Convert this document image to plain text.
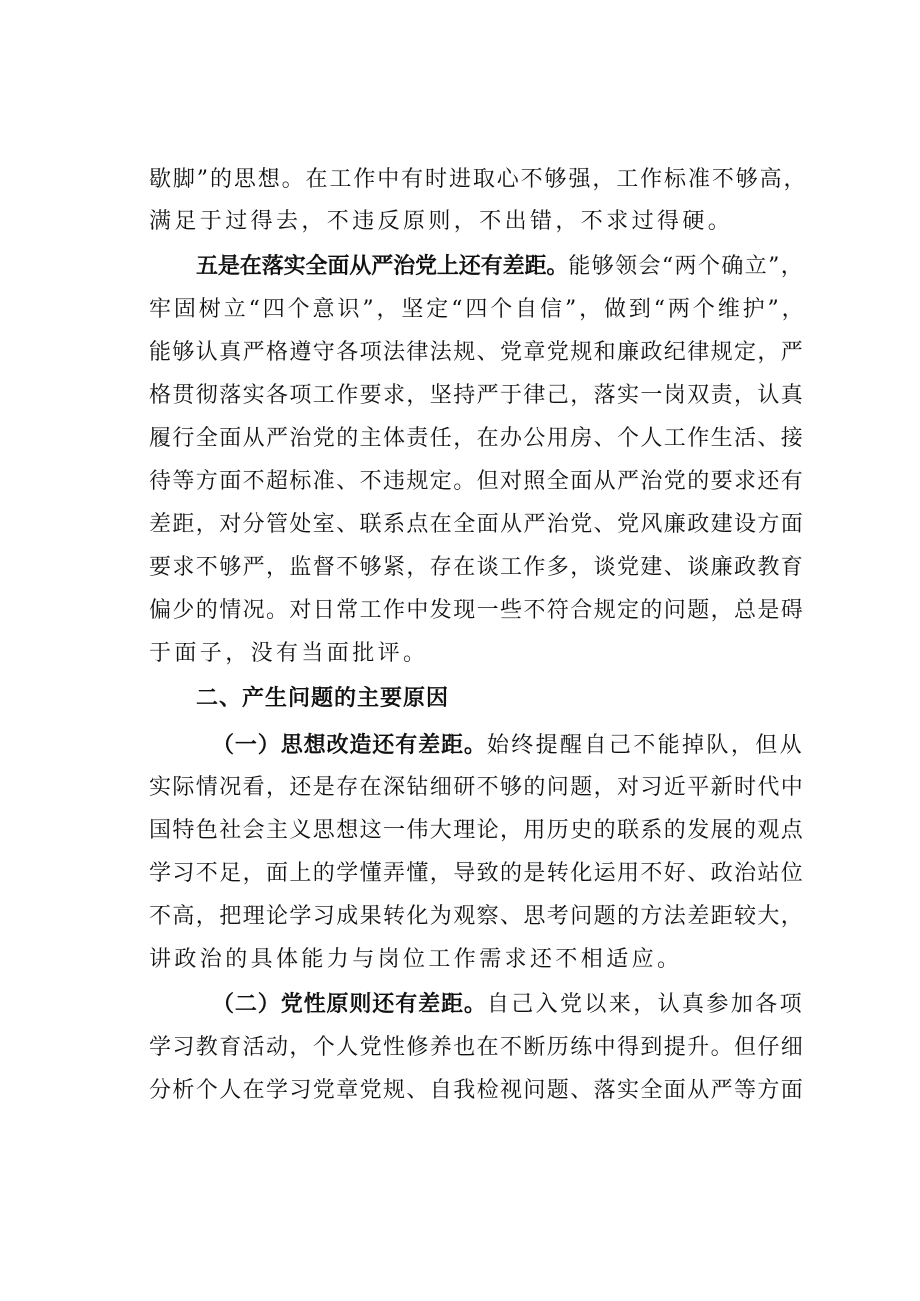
歇脚”的思想。在工作中有时进取心不够强，工作标准不够高，
满足于过得去，不违反原则，不出错，不求过得硬。
五是在落实全面从严治党上还有差距。能够领会“两个确立”，
牢固树立“四个意识”，坚定“四个自信”，做到“两个维护”，
能够认真严格遵守各项法律法规、党章党规和廉政纪律规定，严
格贯彻落实各项工作要求，坚持严于律己，落实一岗双责，认真
履行全面从严治党的主体责任，在办公用房、个人工作生活、接
待等方面不超标准、不违规定。但对照全面从严治党的要求还有
差距，对分管处室、联系点在全面从严治党、党风廉政建设方面
要求不够严，监督不够紧，存在谈工作多，谈党建、谈廉政教育
偏少的情况。对日常工作中发现一些不符合规定的问题，总是碍
于面子，没有当面批评。
二、产生问题的主要原因
（一）思想改造还有差距。始终提醒自己不能掉队，但从
实际情况看，还是存在深钻细研不够的问题，对习近平新时代中
国特色社会主义思想这一伟大理论，用历史的联系的发展的观点
学习不足，面上的学懂弄懂，导致的是转化运用不好、政治站位
不高，把理论学习成果转化为观察、思考问题的方法差距较大，
讲政治的具体能力与岗位工作需求还不相适应。
（二）党性原则还有差距。自己入党以来，认真参加各项
学习教育活动，个人党性修养也在不断历练中得到提升。但仔细
分析个人在学习党章党规、自我检视问题、落实全面从严等方面
